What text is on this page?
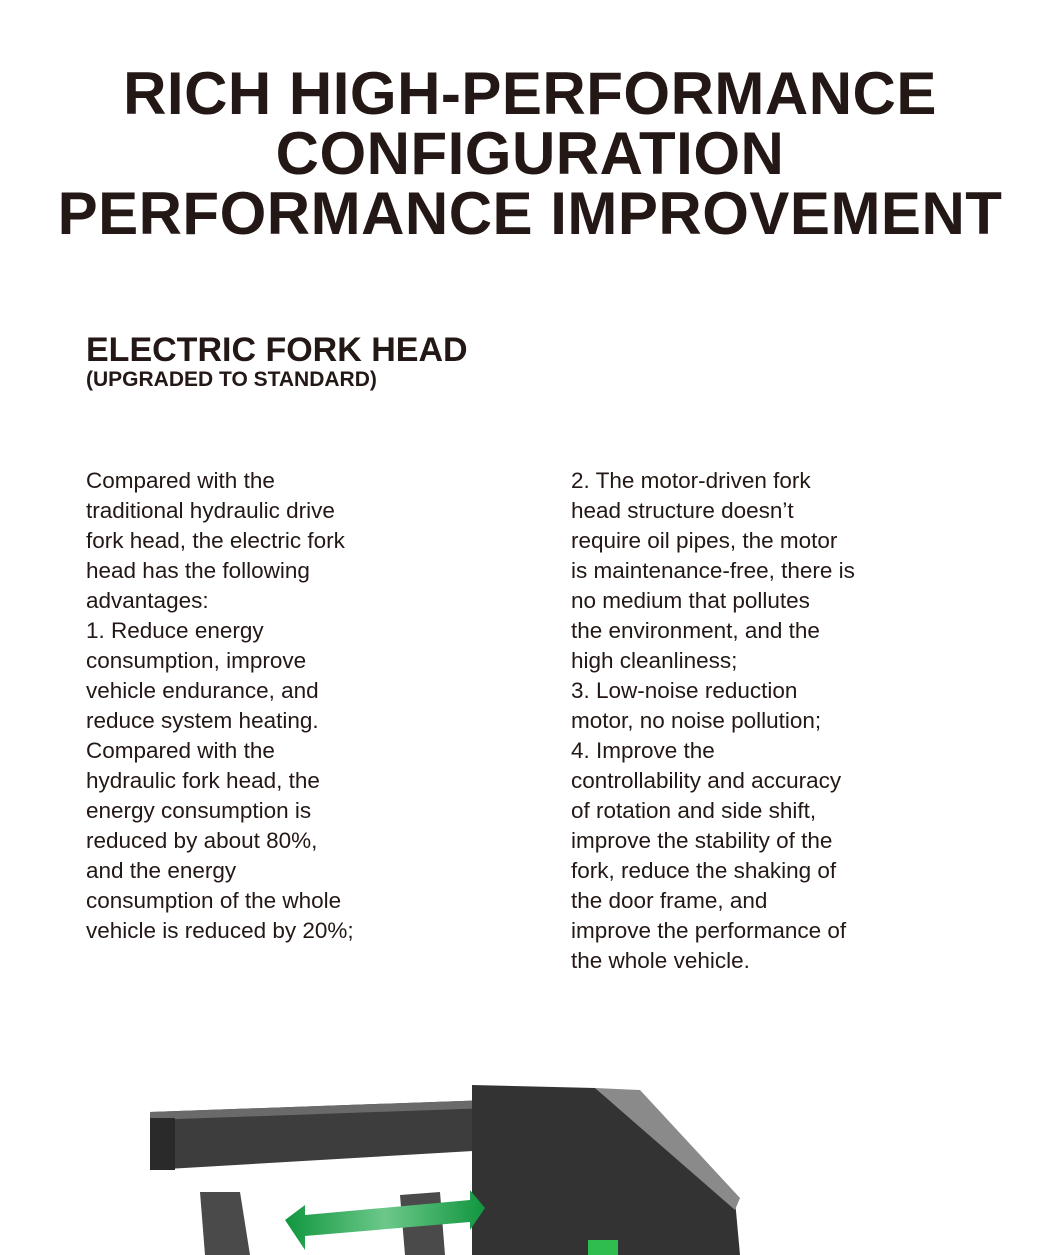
RICH HIGH-PERFORMANCE
CONFIGURATION
PERFORMANCE IMPROVEMENT
ELECTRIC FORK HEAD
(UPGRADED TO STANDARD)
Compared with the
traditional hydraulic drive
fork head, the electric fork
head has the following
advantages:
1. Reduce energy
consumption, improve
vehicle endurance, and
reduce system heating.
Compared with the
hydraulic fork head, the
energy consumption is
reduced by about 80%,
and the energy
consumption of the whole
vehicle is reduced by 20%;
2. The motor-driven fork
head structure doesn’t
require oil pipes, the motor
is maintenance-free, there is
no medium that pollutes
the environment, and the
high cleanliness;
3. Low-noise reduction
motor, no noise pollution;
4. Improve the
controllability and accuracy
of rotation and side shift,
improve the stability of the
fork, reduce the shaking of
the door frame, and
improve the performance of
the whole vehicle.
